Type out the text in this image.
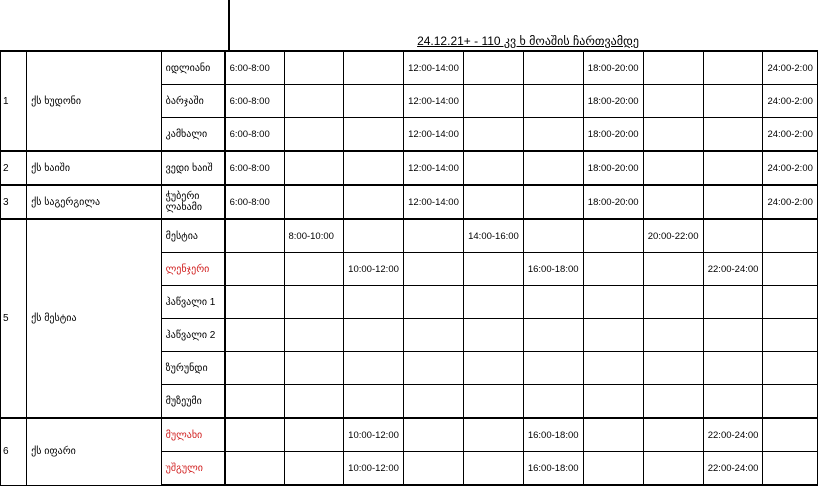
24.12.21+ - 110 კვ ხ მოაშის ჩართვამდე
1	ქს ხუდონი	იდლიანი	6:00-8:00			12:00-14:00			18:00-20:00			24:00-2:00
		ბარჯაში	6:00-8:00			12:00-14:00			18:00-20:00			24:00-2:00
		კამხალი	6:00-8:00			12:00-14:00			18:00-20:00			24:00-2:00
2	ქს ხაიში	ვედი ხაიშ	6:00-8:00			12:00-14:00			18:00-20:00			24:00-2:00
3	ქს საგერგილა	ჭუბერი ლახამი	6:00-8:00			12:00-14:00			18:00-20:00			24:00-2:00
5	ქს მესტია	მესტია		8:00-10:00			14:00-16:00			20:00-22:00		
		ლენჯერი			10:00-12:00			16:00-18:00			22:00-24:00	
		ჰაწვალი 1										
		ჰაწვალი 2										
		ზურუნდი										
		მუზეუმი										
6	ქს იფარი	მულახი			10:00-12:00			16:00-18:00			22:00-24:00	
		უშგული			10:00-12:00			16:00-18:00			22:00-24:00	
